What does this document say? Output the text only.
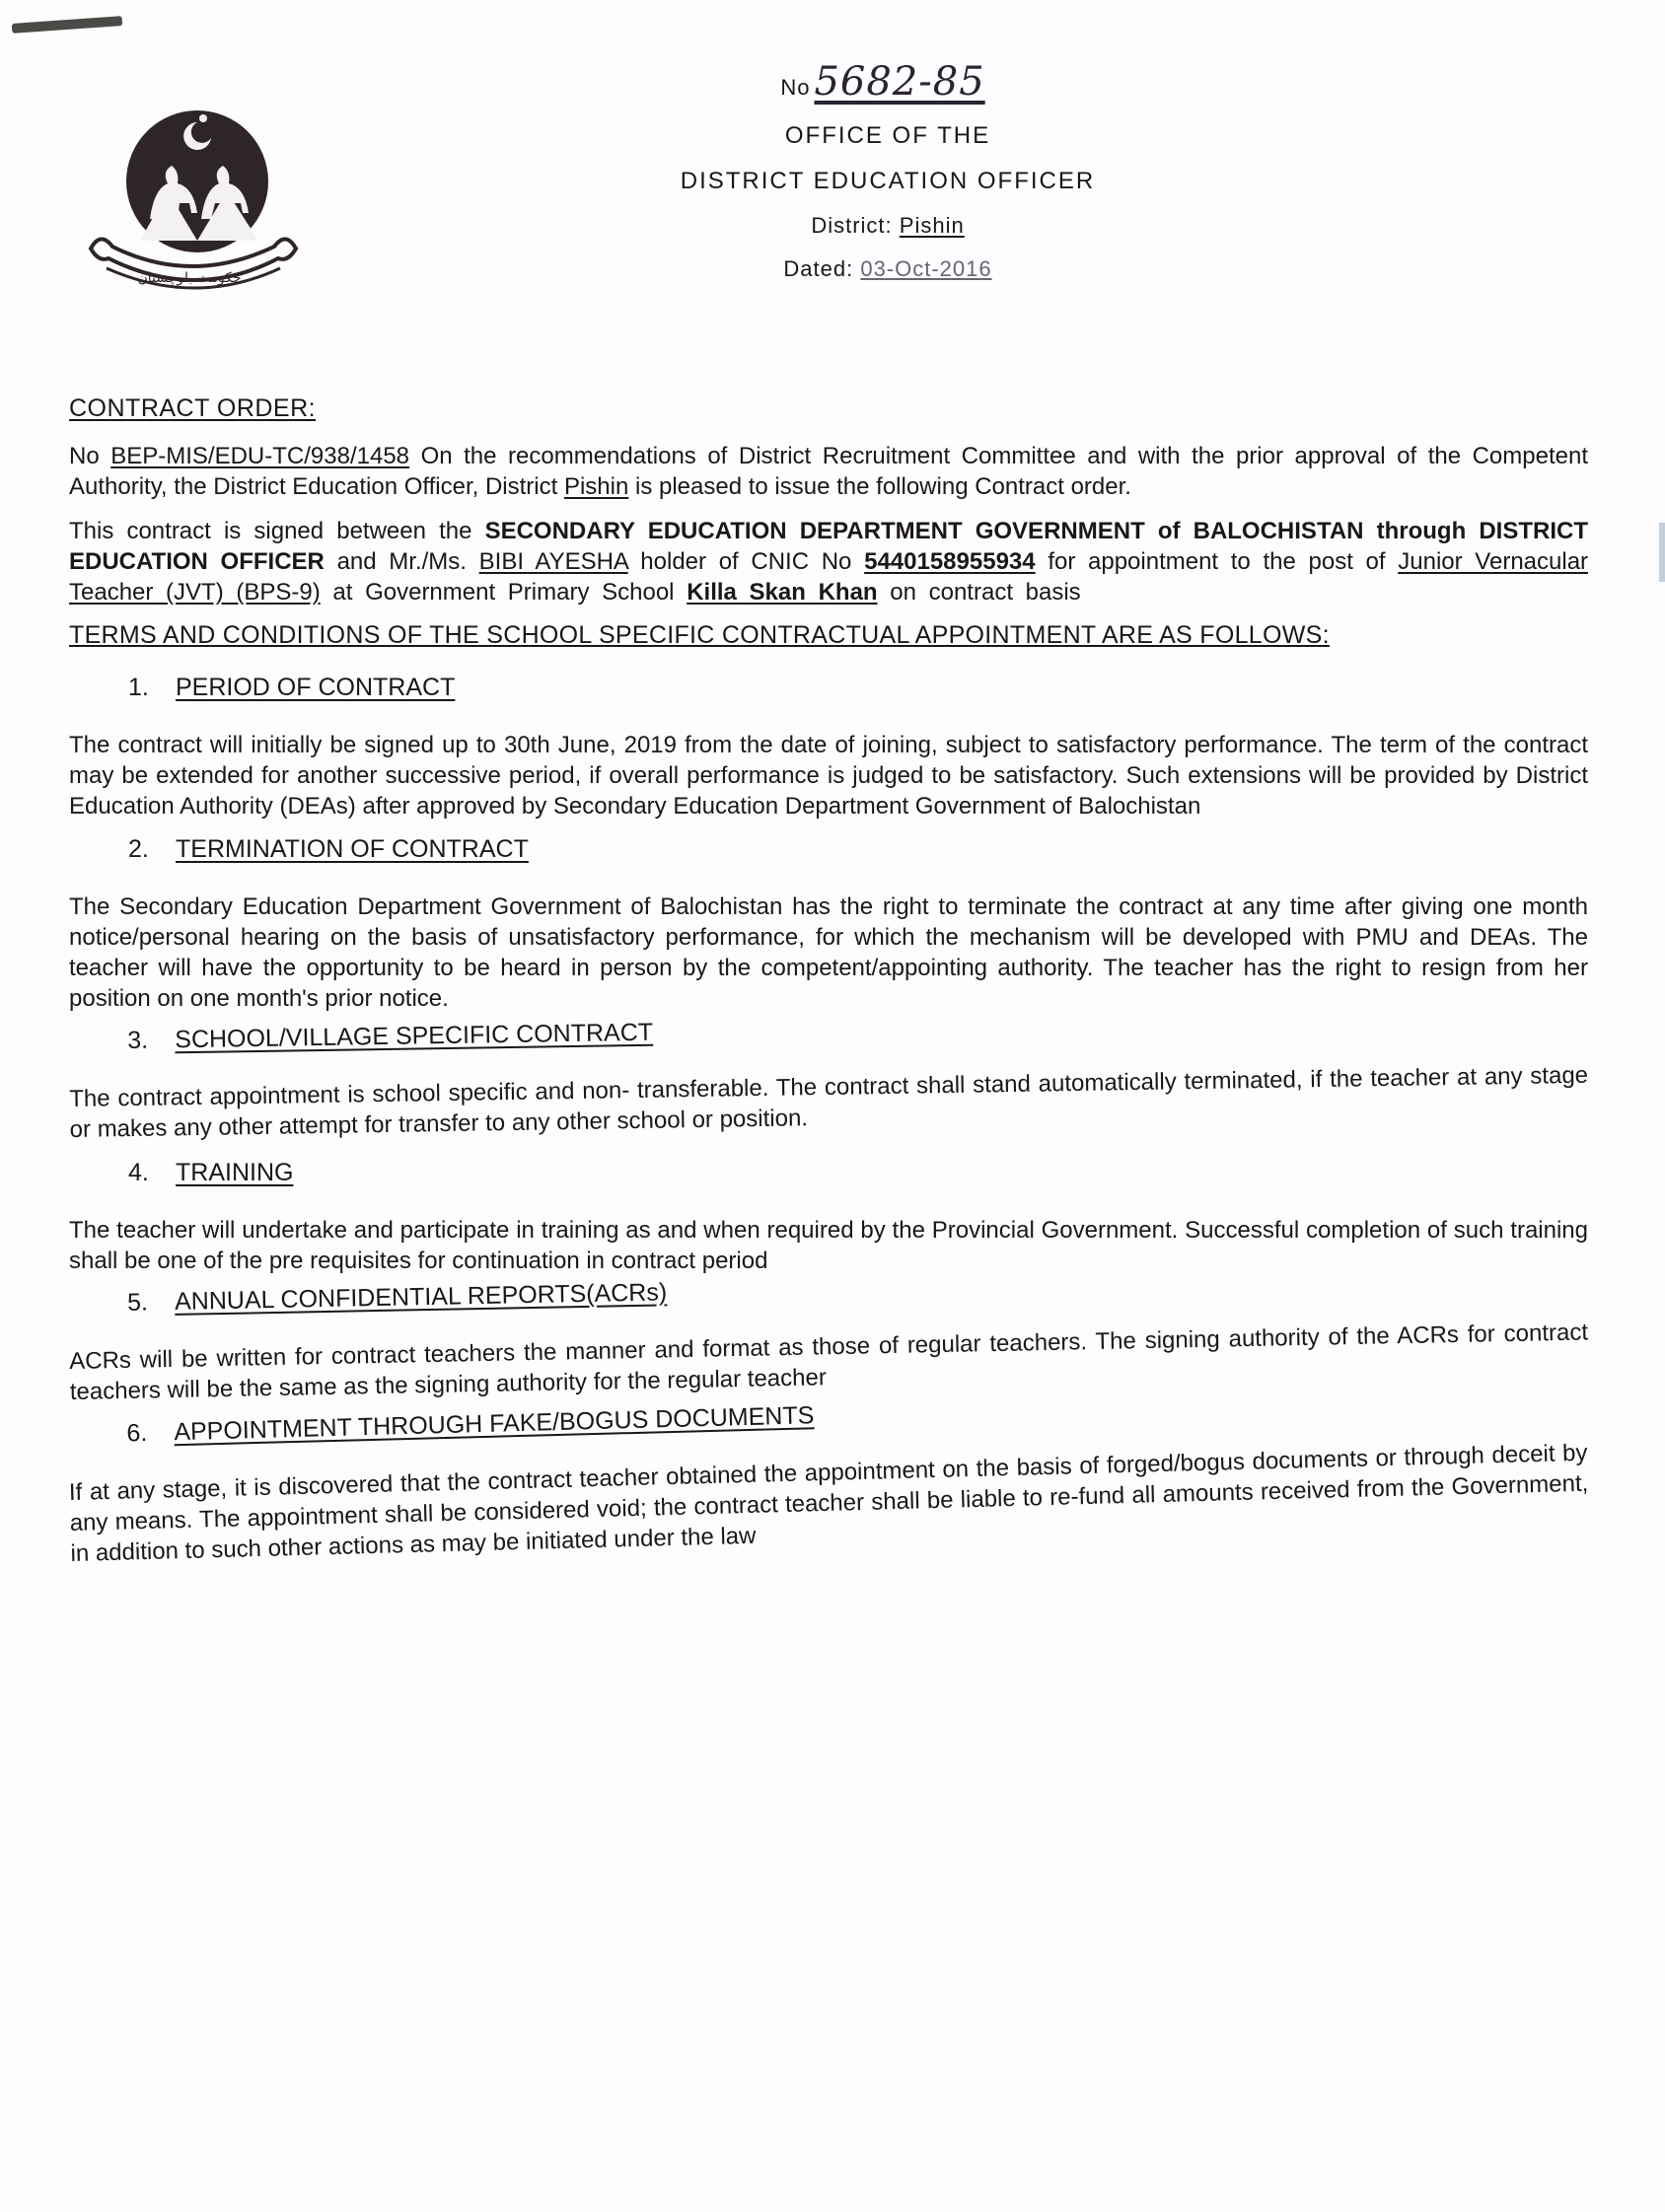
حکومت بلوچستان
No 5682-85
OFFICE OF THE
DISTRICT EDUCATION OFFICER
District: Pishin
Dated: 03-Oct-2016
CONTRACT ORDER:

No BEP-MIS/EDU-TC/938/1458 On the recommendations of District Recruitment Committee and with the prior approval of the Competent Authority, the District Education Officer, District Pishin is pleased to issue the following Contract order.

This contract is signed between the SECONDARY EDUCATION DEPARTMENT GOVERNMENT of BALOCHISTAN through DISTRICT EDUCATION OFFICER and Mr./Ms. BIBI AYESHA holder of CNIC No 5440158955934 for appointment to the post of Junior Vernacular Teacher (JVT) (BPS-9) at Government Primary School Killa Skan Khan on contract basis

TERMS AND CONDITIONS OF THE SCHOOL SPECIFIC CONTRACTUAL APPOINTMENT ARE AS FOLLOWS:
1. PERIOD OF CONTRACT

The contract will initially be signed up to 30th June, 2019 from the date of joining, subject to satisfactory performance. The term of the contract may be extended for another successive period, if overall performance is judged to be satisfactory. Such extensions will be provided by District Education Authority (DEAs) after approved by Secondary Education Department Government of Balochistan

2. TERMINATION OF CONTRACT

The Secondary Education Department Government of Balochistan has the right to terminate the contract at any time after giving one month notice/personal hearing on the basis of unsatisfactory performance, for which the mechanism will be developed with PMU and DEAs. The teacher will have the opportunity to be heard in person by the competent/appointing authority. The teacher has the right to resign from her position on one month's prior notice.

3. SCHOOL/VILLAGE SPECIFIC CONTRACT

The contract appointment is school specific and non- transferable. The contract shall stand automatically terminated, if the teacher at any stage or makes any other attempt for transfer to any other school or position.

4. TRAINING

The teacher will undertake and participate in training as and when required by the Provincial Government. Successful completion of such training shall be one of the pre requisites for continuation in contract period

5. ANNUAL CONFIDENTIAL REPORTS(ACRs)

ACRs will be written for contract teachers the manner and format as those of regular teachers. The signing authority of the ACRs for contract teachers will be the same as the signing authority for the regular teacher

6. APPOINTMENT THROUGH FAKE/BOGUS DOCUMENTS

If at any stage, it is discovered that the contract teacher obtained the appointment on the basis of forged/bogus documents or through deceit by any means. The appointment shall be considered void; the contract teacher shall be liable to re-fund all amounts received from the Government, in addition to such other actions as may be initiated under the law
